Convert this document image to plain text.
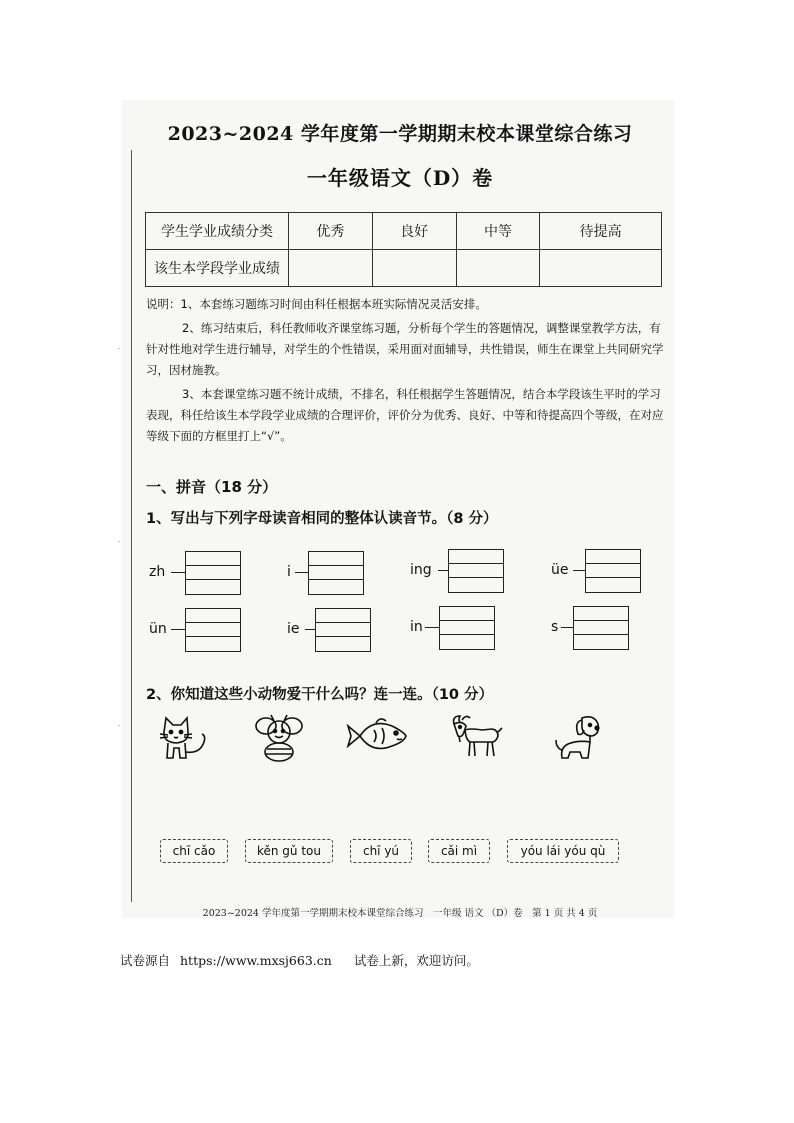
·
·
·
2023~2024 学年度第一学期期末校本课堂综合练习
一年级语文（D）卷
学生学业成绩分类	优秀	良好	中等	待提高
该生本学段学业成绩				

说明：1、本套练习题练习时间由科任根据本班实际情况灵活安排。

2、练习结束后，科任教师收齐课堂练习题，分析每个学生的答题情况，调整课堂教学方法，有针对性地对学生进行辅导，对学生的个性错误，采用面对面辅导，共性错误，师生在课堂上共同研究学习，因材施教。

3、本套课堂练习题不统计成绩，不排名，科任根据学生答题情况，结合本学段该生平时的学习表现，科任给该生本学段学业成绩的合理评价，评价分为优秀、良好、中等和待提高四个等级，在对应等级下面的方框里打上“√”。

一、拼音（18 分）
1、写出与下列字母读音相同的整体认读音节。（8 分）
zh	i	ing	üe
ün	ie	in	s
2、你知道这些小动物爱干什么吗？连一连。（10 分）
chī cǎo	kěn gǔ tou	chī yú	cǎi mì	yóu lái yóu qù
2023~2024 学年度第一学期期末校本课堂综合练习　一年级 语文 （D）卷　第 1 页 共 4 页
试卷源自 https://www.mxsj663.cn 试卷上新，欢迎访问。
